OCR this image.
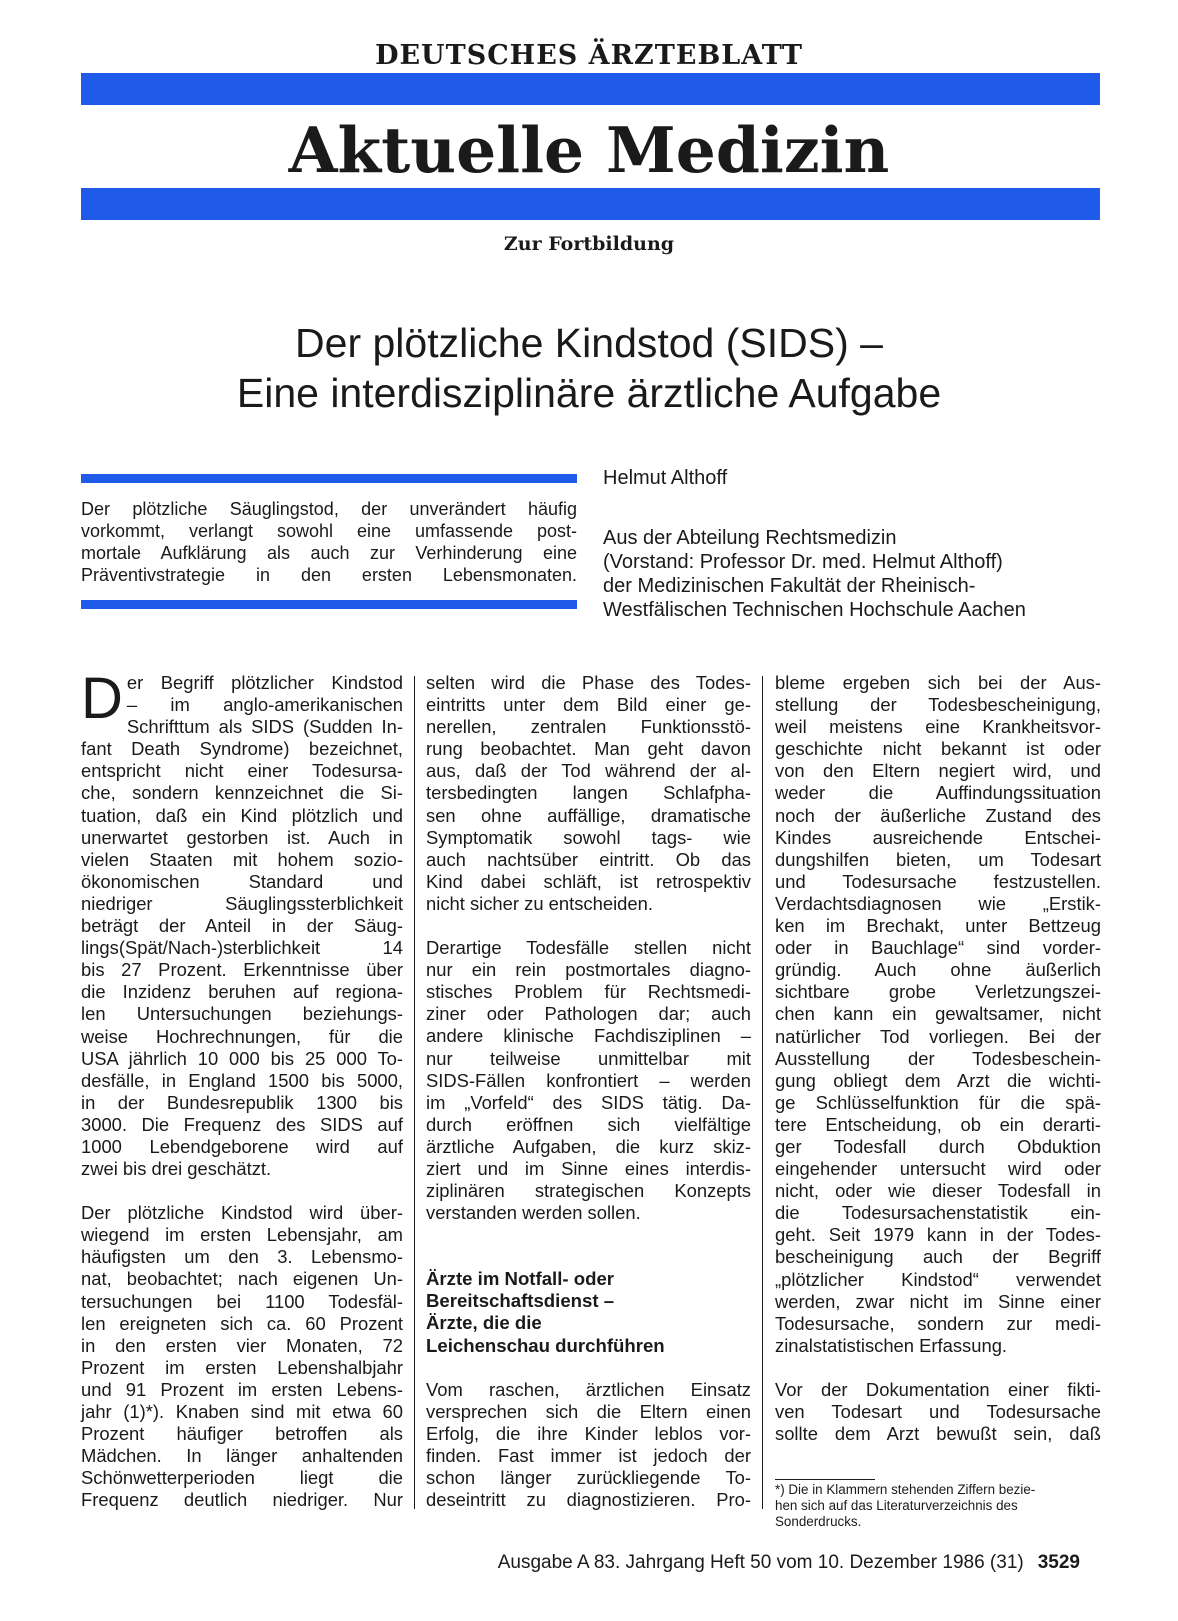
DEUTSCHES ÄRZTEBLATT
Aktuelle Medizin
Zur Fortbildung
Der plötzliche Kindstod (SIDS) –
Eine interdisziplinäre ärztliche Aufgabe
Der plötzliche Säuglingstod, der unverändert häufig
vorkommt, verlangt sowohl eine umfassende post-
mortale Aufklärung als auch zur Verhinderung eine
Präventivstrategie in den ersten Lebensmonaten.
Helmut Althoff
Aus der Abteilung Rechtsmedizin
(Vorstand: Professor Dr. med. Helmut Althoff)
der Medizinischen Fakultät der Rheinisch-
Westfälischen Technischen Hochschule Aachen
D er Begriff plötzlicher Kindstod
– im anglo-amerikanischen
Schrifttum als SIDS (Sudden In-
fant Death Syndrome) bezeichnet,
entspricht nicht einer Todesursa-
che, sondern kennzeichnet die Si-
tuation, daß ein Kind plötzlich und
unerwartet gestorben ist. Auch in
vielen Staaten mit hohem sozio-
ökonomischen Standard und
niedriger Säuglingssterblichkeit
beträgt der Anteil in der Säug-
lings(Spät/Nach-)sterblichkeit 14
bis 27 Prozent. Erkenntnisse über
die Inzidenz beruhen auf regiona-
len Untersuchungen beziehungs-
weise Hochrechnungen, für die
USA jährlich 10 000 bis 25 000 To-
desfälle, in England 1500 bis 5000,
in der Bundesrepublik 1300 bis
3000. Die Frequenz des SIDS auf
1000 Lebendgeborene wird auf
zwei bis drei geschätzt.
Der plötzliche Kindstod wird über-
wiegend im ersten Lebensjahr, am
häufigsten um den 3. Lebensmo-
nat, beobachtet; nach eigenen Un-
tersuchungen bei 1100 Todesfäl-
len ereigneten sich ca. 60 Prozent
in den ersten vier Monaten, 72
Prozent im ersten Lebenshalbjahr
und 91 Prozent im ersten Lebens-
jahr (1)*). Knaben sind mit etwa 60
Prozent häufiger betroffen als
Mädchen. In länger anhaltenden
Schönwetterperioden liegt die
Frequenz deutlich niedriger. Nur
selten wird die Phase des Todes-
eintritts unter dem Bild einer ge-
nerellen, zentralen Funktionsstö-
rung beobachtet. Man geht davon
aus, daß der Tod während der al-
tersbedingten langen Schlafpha-
sen ohne auffällige, dramatische
Symptomatik sowohl tags- wie
auch nachtsüber eintritt. Ob das
Kind dabei schläft, ist retrospektiv
nicht sicher zu entscheiden.
Derartige Todesfälle stellen nicht
nur ein rein postmortales diagno-
stisches Problem für Rechtsmedi-
ziner oder Pathologen dar; auch
andere klinische Fachdisziplinen –
nur teilweise unmittelbar mit
SIDS-Fällen konfrontiert – werden
im „Vorfeld“ des SIDS tätig. Da-
durch eröffnen sich vielfältige
ärztliche Aufgaben, die kurz skiz-
ziert und im Sinne eines interdis-
ziplinären strategischen Konzepts
verstanden werden sollen.
Ärzte im Notfall- oder
Bereitschaftsdienst –
Ärzte, die die
Leichenschau durchführen
Vom raschen, ärztlichen Einsatz
versprechen sich die Eltern einen
Erfolg, die ihre Kinder leblos vor-
finden. Fast immer ist jedoch der
schon länger zurückliegende To-
deseintritt zu diagnostizieren. Pro-
bleme ergeben sich bei der Aus-
stellung der Todesbescheinigung,
weil meistens eine Krankheitsvor-
geschichte nicht bekannt ist oder
von den Eltern negiert wird, und
weder die Auffindungssituation
noch der äußerliche Zustand des
Kindes ausreichende Entschei-
dungshilfen bieten, um Todesart
und Todesursache festzustellen.
Verdachtsdiagnosen wie „Erstik-
ken im Brechakt, unter Bettzeug
oder in Bauchlage“ sind vorder-
gründig. Auch ohne äußerlich
sichtbare grobe Verletzungszei-
chen kann ein gewaltsamer, nicht
natürlicher Tod vorliegen. Bei der
Ausstellung der Todesbeschein-
gung obliegt dem Arzt die wichti-
ge Schlüsselfunktion für die spä-
tere Entscheidung, ob ein derarti-
ger Todesfall durch Obduktion
eingehender untersucht wird oder
nicht, oder wie dieser Todesfall in
die Todesursachenstatistik ein-
geht. Seit 1979 kann in der Todes-
bescheinigung auch der Begriff
„plötzlicher Kindstod“ verwendet
werden, zwar nicht im Sinne einer
Todesursache, sondern zur medi-
zinalstatistischen Erfassung.
Vor der Dokumentation einer fikti-
ven Todesart und Todesursache
sollte dem Arzt bewußt sein, daß
*) Die in Klammern stehenden Ziffern bezie-
hen sich auf das Literaturverzeichnis des
Sonderdrucks.
Ausgabe A 83. Jahrgang Heft 50 vom 10. Dezember 1986 (31) 3529
